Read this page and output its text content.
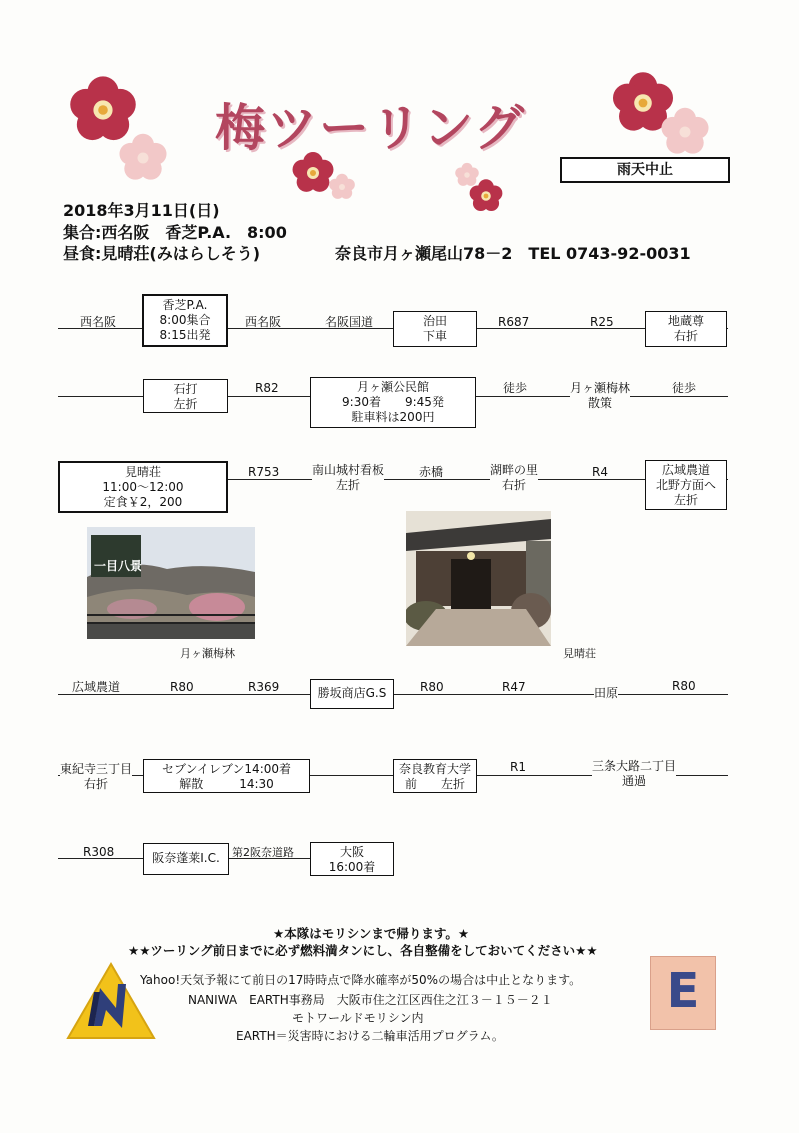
梅ツーリング
雨天中止
2018年3月11日(日)
集合:西名阪　香芝P.A.　8:00
昼食:見晴荘(みはらしそう)	奈良市月ヶ瀬尾山78－2　TEL 0743-92-0031
西名阪
香芝P.A.
8:00集合
8:15出発
西名阪	名阪国道	治田
下車
R687	R25	地蔵尊
右折
石打
左折
R82	月ヶ瀬公民館
9:30着　　9:45発
駐車料は200円
徒歩	月ヶ瀬梅林
散策
徒歩
見晴荘
11:00～12:00
定食￥2，200
R753	南山城村看板
左折
赤橋	湖畔の里
右折
R4	広域農道
北野方面へ
左折
一目八景
月ヶ瀬梅林	見晴荘
広域農道	R80	R369	勝坂商店G.S	R80	R47	田原	R80
東紀寺三丁目
右折
セブンイレブン14:00着
解散　　　14:30
奈良教育大学
前　　左折
R1	三条大路二丁目
通過
R308	阪奈蓬莱I.C.	第2阪奈道路	大阪
16:00着
★本隊はモリシンまで帰ります。★
★★ツーリング前日までに必ず燃料満タンにし、各自整備をしておいてください★★
E
Yahoo!天気予報にて前日の17時時点で降水確率が50%の場合は中止となります。
NANIWA　EARTH事務局　大阪市住之江区西住之江３－１５－２１
モトワールドモリシン内
EARTH＝災害時における二輪車活用プログラム。
